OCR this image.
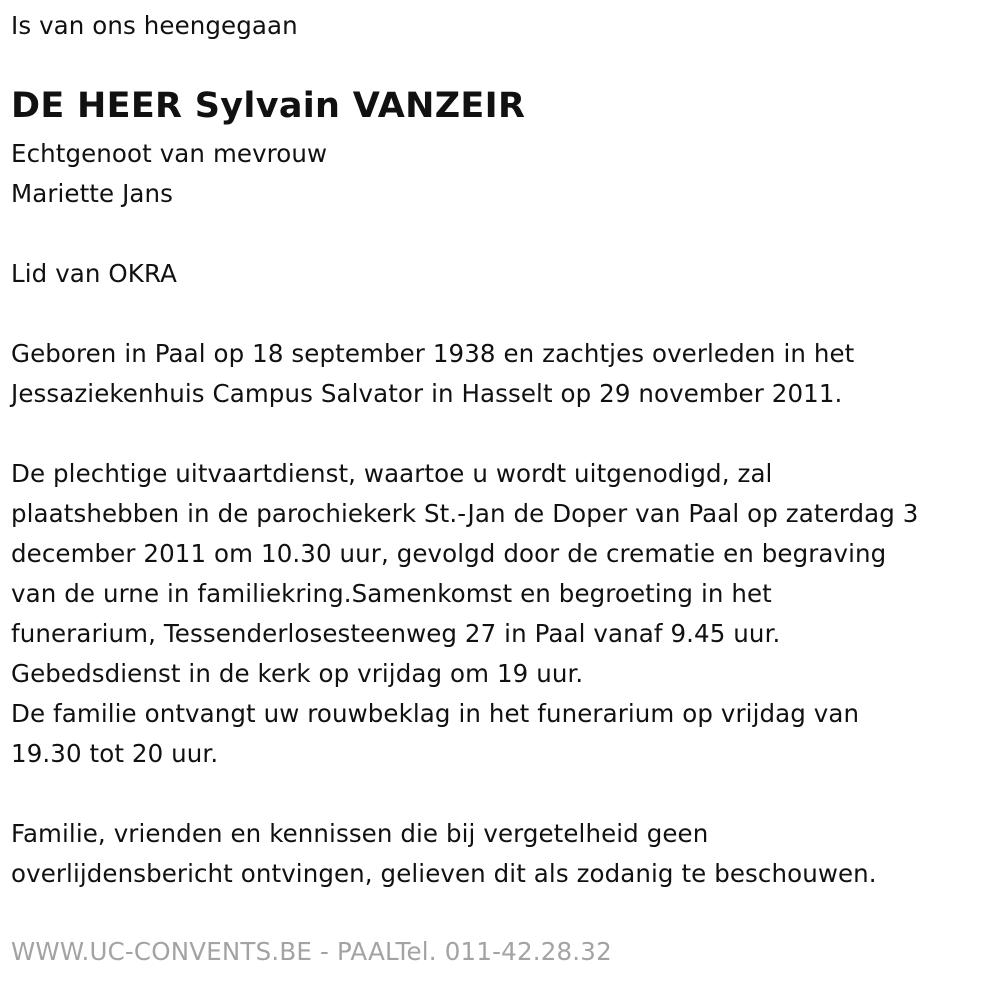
Is van ons heengegaan
DE HEER Sylvain VANZEIR
Echtgenoot van mevrouw
Mariette Jans
Lid van OKRA
Geboren in Paal op 18 september 1938 en zachtjes overleden in het
Jessaziekenhuis Campus Salvator in Hasselt op 29 november 2011.
De plechtige uitvaartdienst, waartoe u wordt uitgenodigd, zal
plaatshebben in de parochiekerk St.-Jan de Doper van Paal op zaterdag 3
december 2011 om 10.30 uur, gevolgd door de crematie en begraving
van de urne in familiekring.Samenkomst en begroeting in het
funerarium, Tessenderlosesteenweg 27 in Paal vanaf 9.45 uur.
Gebedsdienst in de kerk op vrijdag om 19 uur.
De familie ontvangt uw rouwbeklag in het funerarium op vrijdag van
19.30 tot 20 uur.
Familie, vrienden en kennissen die bij vergetelheid geen
overlijdensbericht ontvingen, gelieven dit als zodanig te beschouwen.
WWW.UC-CONVENTS.BE - PAALTel. 011-42.28.32
